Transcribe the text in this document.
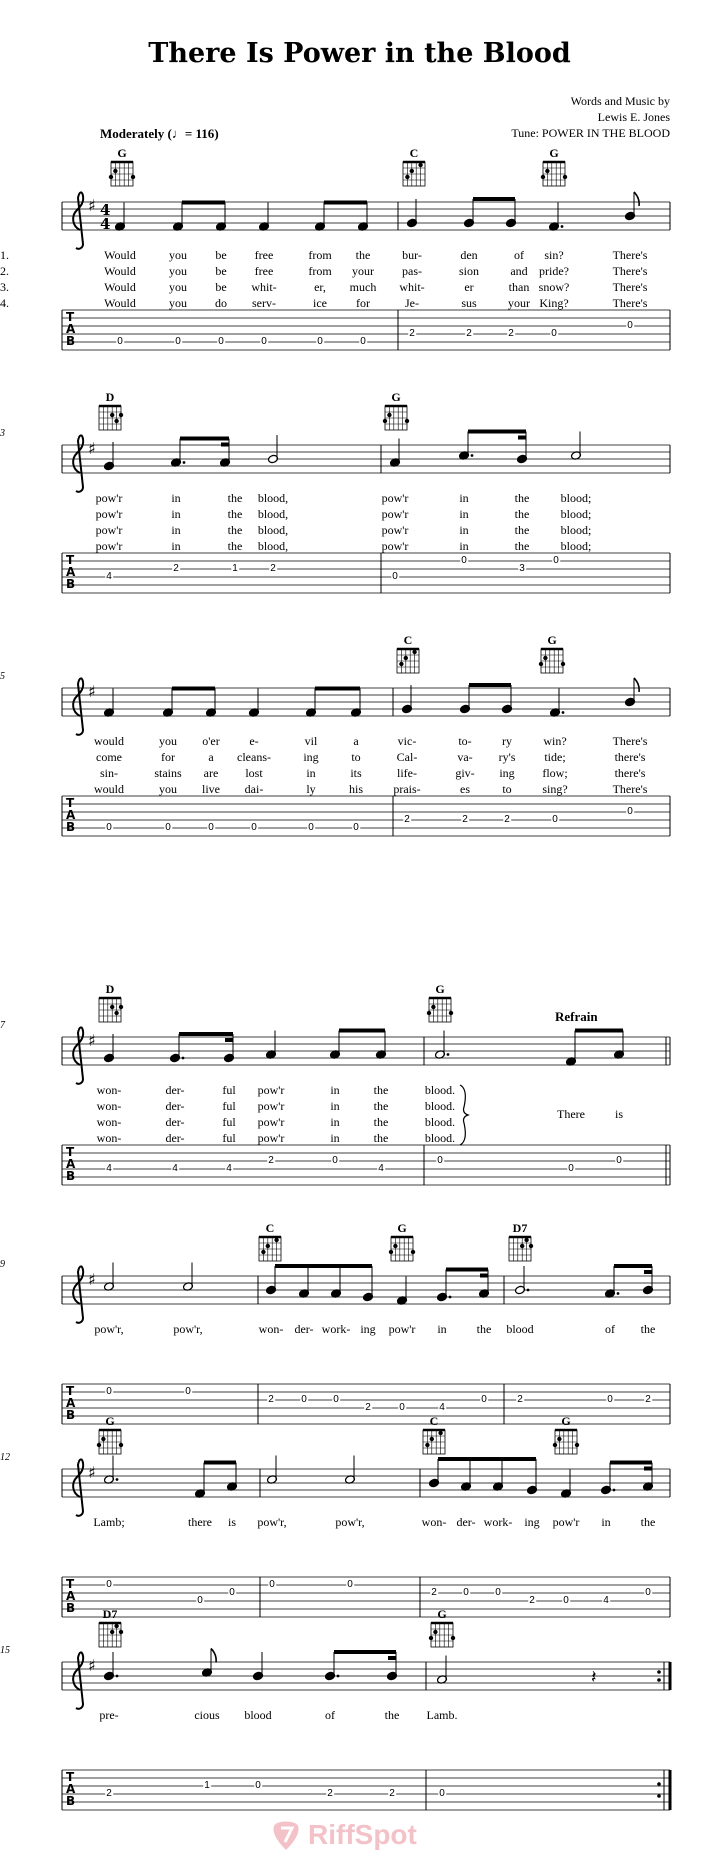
There Is Power in the Blood
Words and Music by
Lewis E. Jones
Tune: POWER IN THE BLOOD
Moderately (♩= 116)
Refrain
♯ 4
4
T
A
B
♯
T
A
B
♯
T
A
B
♯
T
A
B
♯
T
A
B
♯
T
A
B
♯
T
A
B
𝄽
G	C	G
1.	Would	you be free	from the	bur-	den	of sin?	There's
2.	Would	you be free	from your pas-	sion	and pride?	There's
3.	Would	you be whit-	er, much whit-	er	than snow?	There's
4.	Would	you do serv-	ice for	Je-	sus	your King?	There's
0	0	0	0	0	0
2	2	2	0
0
3
D	G
pow'r	in	the blood,	pow'r	in	the	blood;
pow'r	in	the blood,	pow'r	in	the	blood;
pow'r	in	the blood,	pow'r	in	the	blood;
pow'r	in	the blood,	pow'r	in	the	blood;
4
2	1	2
0
0
3
0
5
C	G
would	you o'er e-	vil	a	vic-	to-	ry	win?	There's
come	for	a cleans-	ing	to	Cal-	va- ry's tide;	there's
sin-	stains are lost	in	its	life-	giv- ing flow;	there's
would	you live dai-	ly	his	prais-	es	to	sing?	There's
0	0	0	0	0	0
2	2	2	0
0
7
D	G
won-	der-	ful pow'r	in	the	blood.
won-	der-	ful pow'r	in	the	blood.
won-	der-	ful pow'r	in	the	blood.
won-	der-	ful pow'r	in	the	blood.
There	is
4	4	4
2	0
4
0
0
0
9
C	G	D7
pow'r,	pow'r,	won- der- work- ing pow'r in the blood	of the
0	0
2	0	0
2	0	4
0	2	0	2
12
G	C	G
Lamb;	there is pow'r,	pow'r,	won- der- work- ing pow'r in the
0
0
0
0	0
2	0	0
2	0	4
0
15
D7	G
pre-	cious blood	of	the Lamb.
2
1	0
2	2	0
RiffSpot
